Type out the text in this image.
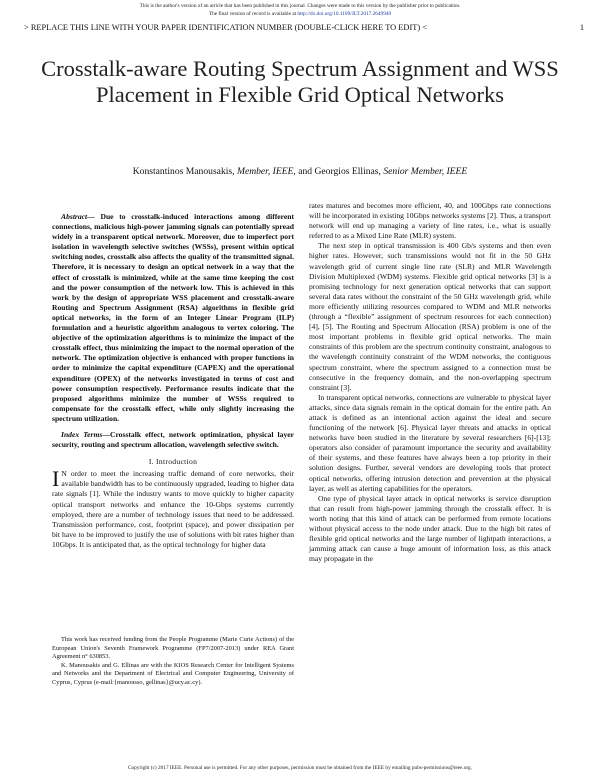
This is the author's version of an article that has been published in this journal. Changes were made to this version by the publisher prior to publication.
The final version of record is available at http://dx.doi.org/10.1109/JLT.2017.2649940
> REPLACE THIS LINE WITH YOUR PAPER IDENTIFICATION NUMBER (DOUBLE-CLICK HERE TO EDIT) <	1
Crosstalk-aware Routing Spectrum Assignment and WSS Placement in Flexible Grid Optical Networks
Konstantinos Manousakis, Member, IEEE, and Georgios Ellinas, Senior Member, IEEE

Abstract— Due to crosstalk-induced interactions among different connections, malicious high-power jamming signals can potentially spread widely in a transparent optical network. Moreover, due to imperfect port isolation in wavelength selective switches (WSSs), present within optical switching nodes, crosstalk also affects the quality of the transmitted signal. Therefore, it is necessary to design an optical network in a way that the effect of crosstalk is minimized, while at the same time keeping the cost and the power consumption of the network low. This is achieved in this work by the design of appropriate WSS placement and crosstalk-aware Routing and Spectrum Assignment (RSA) algorithms in flexible grid optical networks, in the form of an Integer Linear Program (ILP) formulation and a heuristic algorithm analogous to vertex coloring. The objective of the optimization algorithms is to minimize the impact of the crosstalk effect, thus minimizing the impact to the normal operation of the network. The optimization objective is enhanced with proper functions in order to minimize the capital expenditure (CAPEX) and the operational expenditure (OPEX) of the networks investigated in terms of cost and power consumption respectively. Performance results indicate that the proposed algorithms minimize the number of WSSs required to compensate for the crosstalk effect, while only slightly increasing the spectrum utilization.

Index Terms—Crosstalk effect, network optimization, physical layer security, routing and spectrum allocation, wavelength selective switch.

I. Introduction

I N order to meet the increasing traffic demand of core networks, their available bandwidth has to be continuously upgraded, leading to higher data rate signals [1]. While the industry wants to move quickly to higher capacity optical transport networks and enhance the 10-Gbps systems currently employed, there are a number of technology issues that need to be addressed. Transmission performance, cost, footprint (space), and power dissipation per bit have to be improved to justify the use of solutions with bit rates higher than 10Gbps. It is anticipated that, as the optical technology for higher data

This work has received funding from the People Programme (Marie Curie Actions) of the European Union's Seventh Framework Programme (FP7/2007-2013) under REA Grant Agreement n° 630853.

K. Manousakis and G. Ellinas are with the KIOS Research Center for Intelligent Systems and Networks and the Department of Electrical and Computer Engineering, University of Cyprus, Cyprus (e-mail:{manousso, gellinas}@ucy.ac.cy).

rates matures and becomes more efficient, 40, and 100Gbps rate connections will be incorporated in existing 10Gbps networks systems [2]. Thus, a transport network will end up managing a variety of line rates, i.e., what is usually referred to as a Mixed Line Rate (MLR) system.

The next step in optical transmission is 400 Gb/s systems and then even higher rates. However, such transmissions would not fit in the 50 GHz wavelength grid of current single line rate (SLR) and MLR Wavelength Division Multiplexed (WDM) systems. Flexible grid optical networks [3] is a promising technology for next generation optical networks that can support several data rates without the constraint of the 50 GHz wavelength grid, while more efficiently utilizing resources compared to WDM and MLR networks (through a “flexible” assignment of spectrum resources for each connection) [4], [5]. The Routing and Spectrum Allocation (RSA) problem is one of the most important problems in flexible grid optical networks. The main constraints of this problem are the spectrum continuity constraint, analogous to the wavelength continuity constraint of the WDM networks, the contiguous spectrum constraint, where the spectrum assigned to a connection must be consecutive in the frequency domain, and the non-overlapping spectrum constraint [3].

In transparent optical networks, connections are vulnerable to physical layer attacks, since data signals remain in the optical domain for the entire path. An attack is defined as an intentional action against the ideal and secure functioning of the network [6]. Physical layer threats and attacks in optical networks have been studied in the literature by several researchers [6]-[13]; operators also consider of paramount importance the security and availability of their systems, and these features have always been a top priority in their solution designs. Further, several vendors are developing tools that protect optical networks, offering intrusion detection and prevention at the physical layer, as well as alerting capabilities for the operators.

One type of physical layer attack in optical networks is service disruption that can result from high-power jamming through the crosstalk effect. It is worth noting that this kind of attack can be performed from remote locations without physical access to the node under attack. Due to the high bit rates of flexible grid optical networks and the large number of lightpath interactions, a jamming attack can cause a huge amount of information loss, as this attack may propagate in the

Copyright (c) 2017 IEEE. Personal use is permitted. For any other purposes, permission must be obtained from the IEEE by emailing pubs-permissions@ieee.org.
